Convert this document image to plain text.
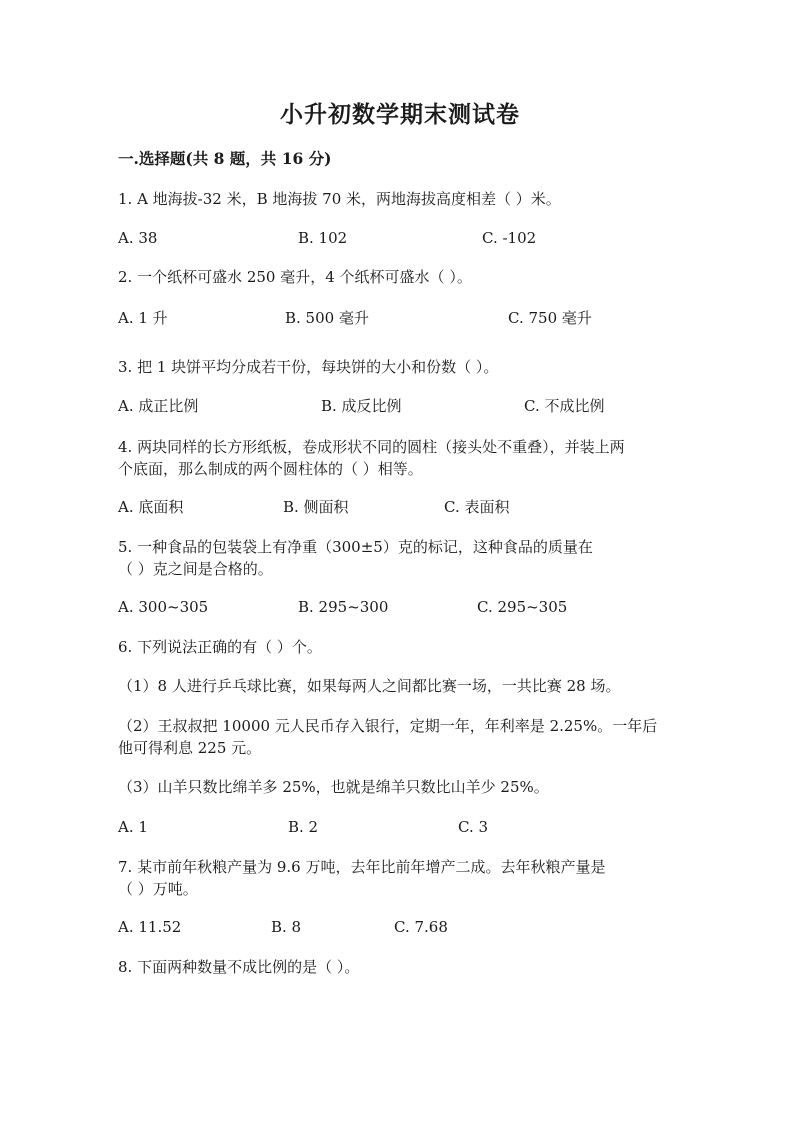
小升初数学期末测试卷
一.选择题(共 8 题，共 16 分)
1. A 地海拔-32 米，B 地海拔 70 米，两地海拔高度相差（ ）米。
A. 38	B. 102	C. -102
2. 一个纸杯可盛水 250 毫升，4 个纸杯可盛水（ ）。
A. 1 升	B. 500 毫升	C. 750 毫升
3. 把 1 块饼平均分成若干份，每块饼的大小和份数（ ）。
A. 成正比例	B. 成反比例	C. 不成比例
4. 两块同样的长方形纸板，卷成形状不同的圆柱（接头处不重叠），并装上两
个底面，那么制成的两个圆柱体的（ ）相等。
A. 底面积	B. 侧面积	C. 表面积
5. 一种食品的包装袋上有净重（300±5）克的标记，这种食品的质量在
（ ）克之间是合格的。
A. 300~305	B. 295~300	C. 295~305
6. 下列说法正确的有（ ）个。
（1）8 人进行乒乓球比赛，如果每两人之间都比赛一场，一共比赛 28 场。
（2）王叔叔把 10000 元人民币存入银行，定期一年，年利率是 2.25%。一年后
他可得利息 225 元。
（3）山羊只数比绵羊多 25%，也就是绵羊只数比山羊少 25%。
A. 1	B. 2	C. 3
7. 某市前年秋粮产量为 9.6 万吨，去年比前年增产二成。去年秋粮产量是
（ ）万吨。
A. 11.52	B. 8	C. 7.68
8. 下面两种数量不成比例的是（ ）。
